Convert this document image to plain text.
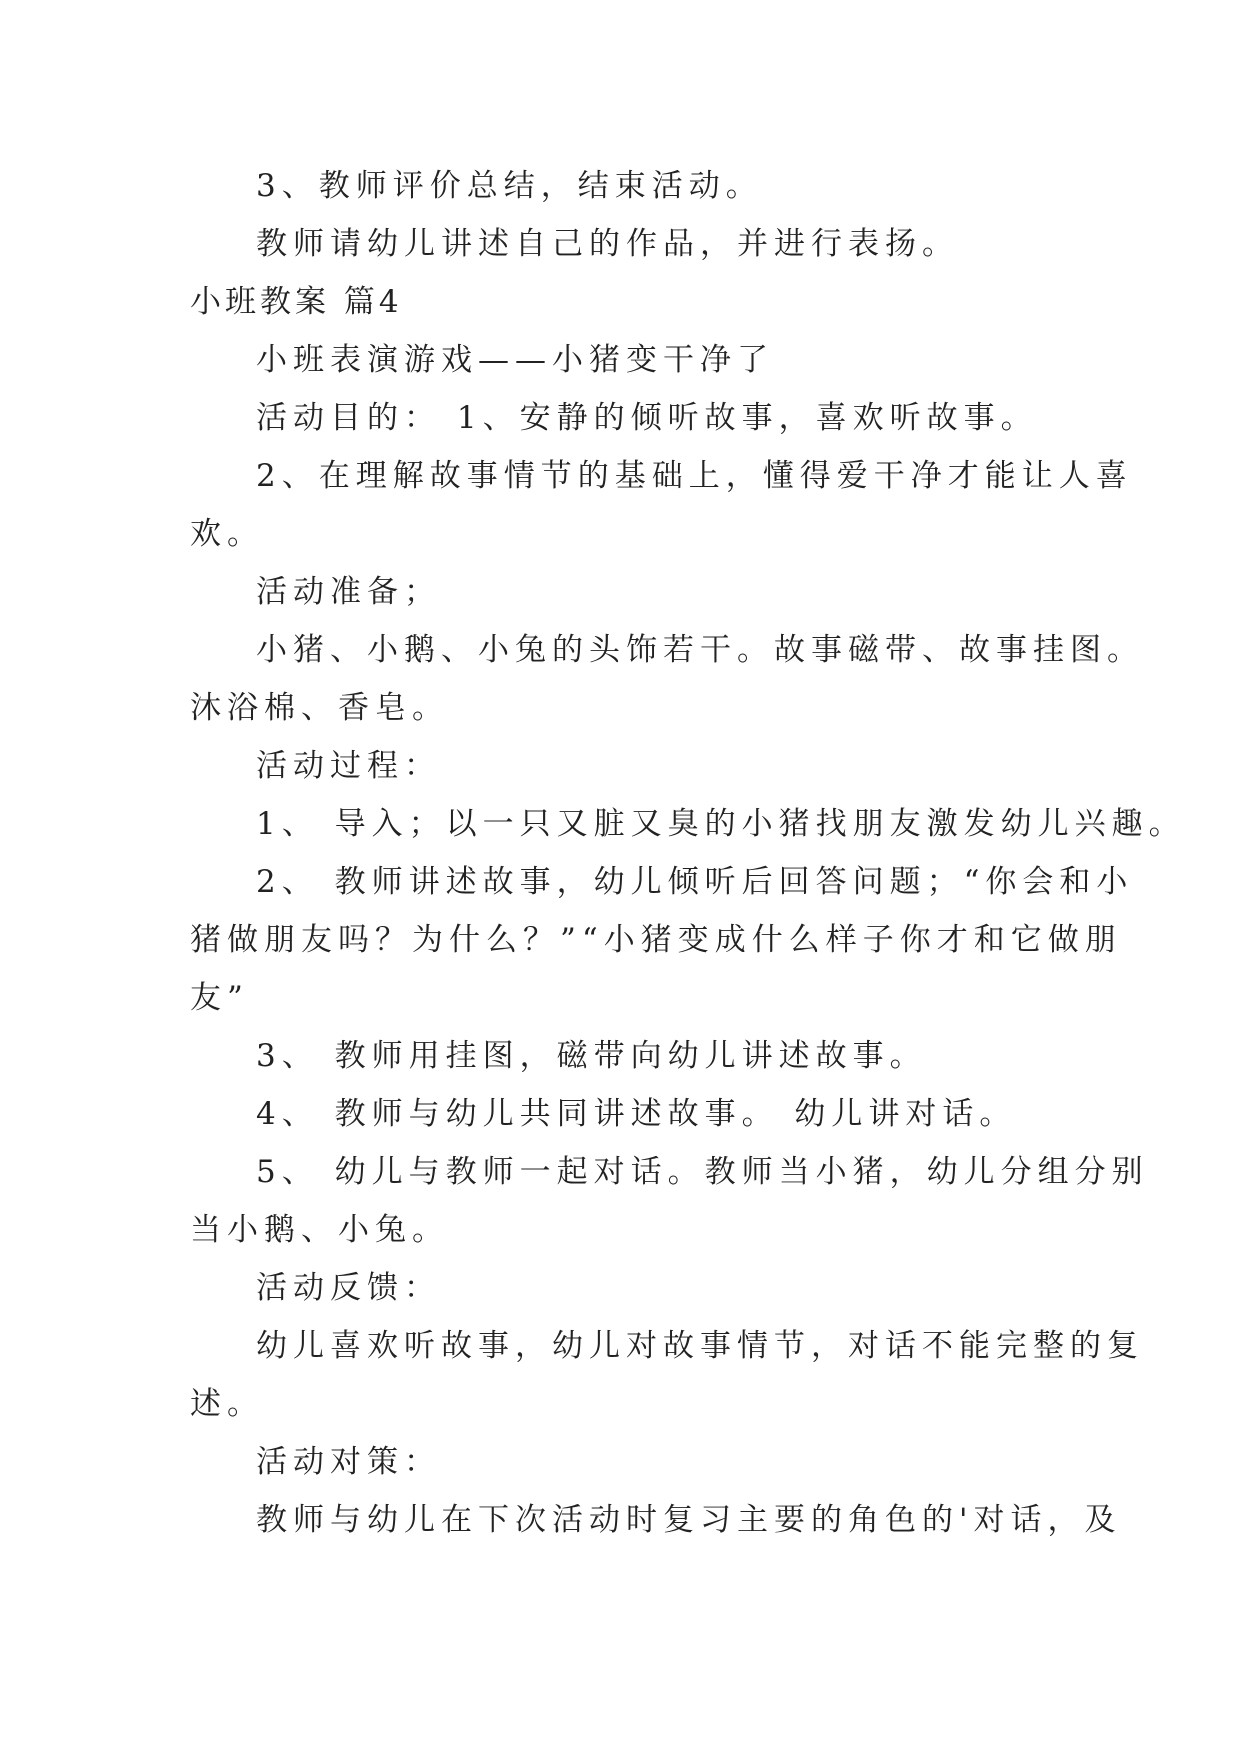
3、教师评价总结，结束活动。
教师请幼儿讲述自己的作品，并进行表扬。
小班教案 篇4
小班表演游戏——小猪变干净了
活动目的： 1、安静的倾听故事，喜欢听故事。
2、在理解故事情节的基础上，懂得爱干净才能让人喜
欢。
活动准备；
小猪、小鹅、小兔的头饰若干。故事磁带、故事挂图。
沐浴棉、香皂。
活动过程：
1、 导入；以一只又脏又臭的小猪找朋友激发幼儿兴趣。
2、 教师讲述故事，幼儿倾听后回答问题；“你会和小
猪做朋友吗？为什么？”“小猪变成什么样子你才和它做朋
友”
3、 教师用挂图，磁带向幼儿讲述故事。
4、 教师与幼儿共同讲述故事。 幼儿讲对话。
5、 幼儿与教师一起对话。教师当小猪，幼儿分组分别
当小鹅、小兔。
活动反馈：
幼儿喜欢听故事，幼儿对故事情节，对话不能完整的复
述。
活动对策：
教师与幼儿在下次活动时复习主要的角色的'对话，及
